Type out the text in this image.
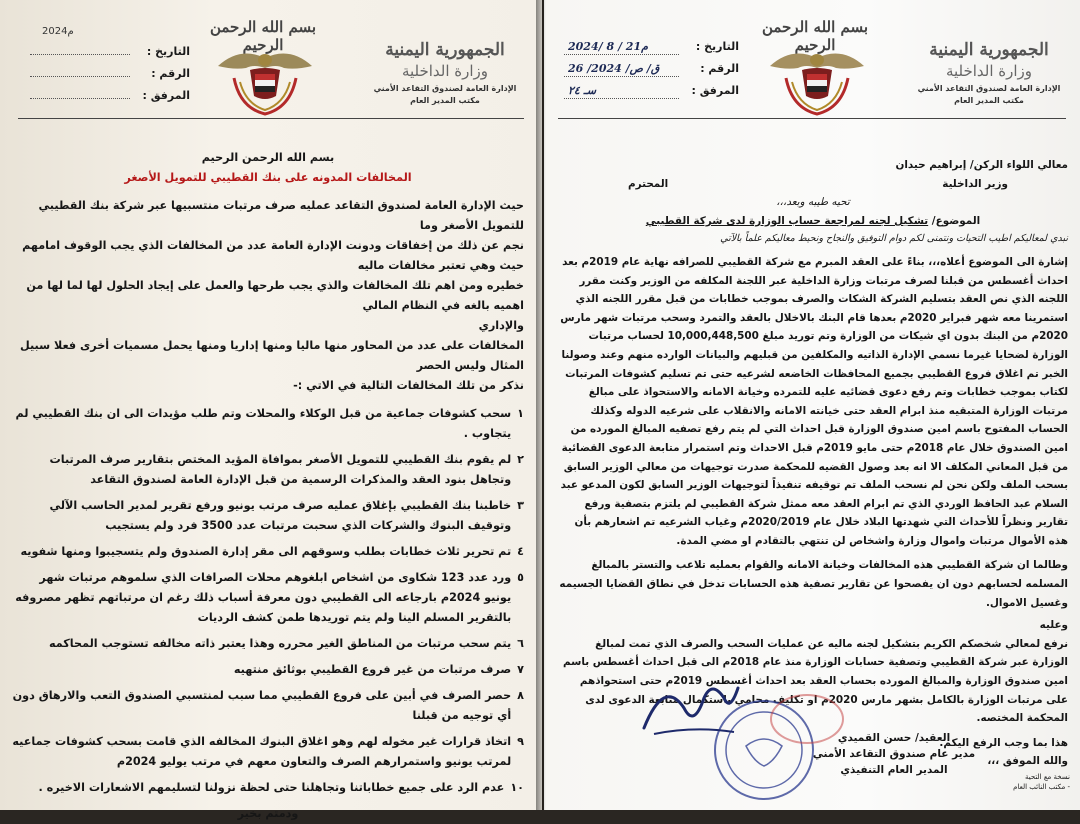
الجمهورية اليمنية
وزارة الداخلية
الإدارة العامة لصندوق التقاعد الأمني
مكتب المدير العام
بسم الله الرحمن الرحيم
التاريخ :
الرقم :
المرفق :
2024م

بسم الله الرحمن الرحيم

المخالفات المدونه على بنك القطيبي للتمويل الأصغر

حيث الإدارة العامة لصندوق التقاعد عمليه صرف مرتبات منتسبيها عبر شركة بنك القطيبي للتمويل الأصغر وما

نجم عن ذلك من إخفاقات ودونت الإدارة العامة عدد من المخالفات الذي يجب الوقوف امامهم حيث وهي تعتبر مخالفات ماليه

خطيره ومن اهم تلك المخالفات والذي يجب طرحها والعمل على إيجاد الحلول لها لما لها من اهميه بالغه في النظام المالي

والإداري

المخالفات على عدد من المحاور منها ماليا ومنها إداريا ومنها يحمل مسميات أخرى فعلا سبيل المثال وليس الحصر

نذكر من تلك المخالفات التالية في الاتي :-

١
سحب كشوفات جماعية من قبل الوكلاء والمحلات وتم طلب مؤيدات الى ان بنك القطيبي لم يتجاوب .
٢
لم يقوم بنك القطيبي للتمويل الأصغر بموافاة المؤيد المختص بتقارير صرف المرتبات وتجاهل بنود العقد والمذكرات الرسمية من قبل الإدارة العامة لصندوق التقاعد
٣
خاطبنا بنك القطيبي بإغلاق عمليه صرف مرتب يونيو ورفع تقرير لمدير الحاسب الآلي وتوقيف البنوك والشركات الذي سحبت مرتبات عدد 3500 فرد ولم يستجيب
٤
تم تحرير ثلاث خطابات بطلب وسوقهم الى مقر إدارة الصندوق ولم يتسجيبوا ومنها شفويه
٥
ورد عدد 123 شكاوى من اشخاص ابلغوهم محلات الصرافات الذي سلموهم مرتبات شهر يونيو 2024م بارجاعه الى القطيبي دون معرفة أسباب ذلك رغم ان مرتباتهم تظهر مصروفه بالتقرير المسلم الينا ولم يتم توريدها طمن كشف الرديات
٦
يتم سحب مرتبات من المناطق الغير محرره وهذا يعتبر ذاته مخالفه تستوجب المحاكمه
٧
صرف مرتبات من غير فروع القطيبي بوثائق منتهيه
٨
حصر الصرف في أبين على فروع القطيبي مما سبب لمنتسبي الصندوق التعب والارهاق دون أي توجيه من قبلنا
٩
اتخاذ قرارات غير مخوله لهم وهو اغلاق البنوك المخالفه الذي قامت بسحب كشوفات جماعيه لمرتب يونيو واستمرارهم الصرف والتعاون معهم في مرتب يوليو 2024م
١٠
عدم الرد على جميع خطاباتنا وتجاهلنا حتى لحظة نزولنا لتسليمهم الاشعارات الاخيره .

ودمتم بخير

الجمهورية اليمنية
وزارة الداخلية
الإدارة العامة لصندوق التقاعد الأمني
مكتب المدير العام
بسم الله الرحمن الرحيم
التاريخ :
2024/ 8 / 21م
الرقم :
ق/ ص/ 2024/ 26
المرفق :
سـ ٢٤
معالي اللواء الركن/ إبراهيم حيدان
وزير الداخلية
المحترم

تحيه طيبه وبعد،،،

الموضوع/ تشكيل لجنه لمراجعة حساب الوزارة لدى شركة القطيبي

نبدي لمعاليكم اطيب التحيات ونتمنى لكم دوام التوفيق والنجاح ونحيط معاليكم علماً بالآتي

إشارة الى الموضوع أعلاه،،، بناءً على العقد المبرم مع شركة القطيبي للصرافه نهاية عام 2019م بعد احداث أغسطس من قبلنا لصرف مرتبات وزارة الداخلية عبر اللجنة المكلفه من الوزير وكنت مقرر اللجنه الذي نص العقد بتسليم الشركة الشكات والصرف بموجب خطابات من قبل مقرر اللجنه الذي استمرينا معه شهر فبراير 2020م بعدها قام البنك بالاخلال بالعقد والتمرد وسحب مرتبات شهر مارس 2020م من البنك بدون اي شيكات من الوزارة وتم توريد مبلغ 10,000,448,500 لحساب مرتبات الوزارة لضحايا غيرما نسمي الإدارة الذاتيه والمكلفين من قبليهم والبيانات الوارده منهم وعند وصولنا الخبر تم اغلاق فروع القطيبي بجميع المحافظات الخاضعه لشرعيه حتى تم تسليم كشوفات المرتبات لكتاب بموجب خطابات وتم رفع دعوى قضائيه عليه للتمرده وخيانة الامانه والاستحواذ على مبالغ مرتبات الوزارة المتبقيه منذ ابرام العقد حتى خيانته الامانه والانقلاب على شرعيه الدوله وكذلك الحساب المفتوح باسم امين صندوق الوزارة قبل احداث التي لم يتم رفع تصفيه المبالغ المورده من امين الصندوق خلال عام 2018م حتى مايو 2019م قبل الاحداث وتم استمرار متابعة الدعوى القضائية من قبل المعاني المكلف الا انه بعد وصول القضيه للمحكمة صدرت توجيهات من معالي الوزير السابق بسحب الملف ولكن نحن لم نسحب الملف تم توقيفه تنفيذاً لتوجيهات الوزير السابق لكون المدعو عبد السلام عبد الحافظ الوردي الذي تم ابرام العقد معه ممثل شركة القطيبي لم يلتزم بتصفية ورفع تقارير ونظراً للأحداث التي شهدتها البلاد خلال عام 2020/2019م وغياب الشرعيه تم اشعارهم بأن هذه الأموال مرتبات واموال وزارة واشخاص لن تنتهي بالتقادم او مضي المدة.

وطالما ان شركة القطيبي هذه المخالفات وخيانة الامانه والقوام بعمليه تلاعب والتستر بالمبالغ المسلمه لحسابهم دون ان يفصحوا عن تقارير تصفية هذه الحسابات تدخل في نطاق القضايا الجسيمه وغسيل الاموال.

وعليه

نرفع لمعالي شخصكم الكريم بتشكيل لجنه ماليه عن عمليات السحب والصرف الذي تمت لمبالغ الوزارة عبر شركة القطيبي وتصفية حسابات الوزارة منذ عام 2018م الى قبل احداث أغسطس باسم امين صندوق الوزارة والمبالغ المورده بحساب العقد بعد احداث أغسطس 2019م حتى استحواذهم على مرتبات الوزارة بالكامل بشهر مارس 2020م او تكليف محامي باستكمال متابعة الدعوى لدى المحكمة المختصه.

هذا بما وجب الرفع اليكم.

والله الموفق ،،،

العقيد/ حسن القميدي

مدير عام صندوق التقاعد الأمني

المدير العام التنفيذي

نسخة مع التحية

- مكتب النائب العام
